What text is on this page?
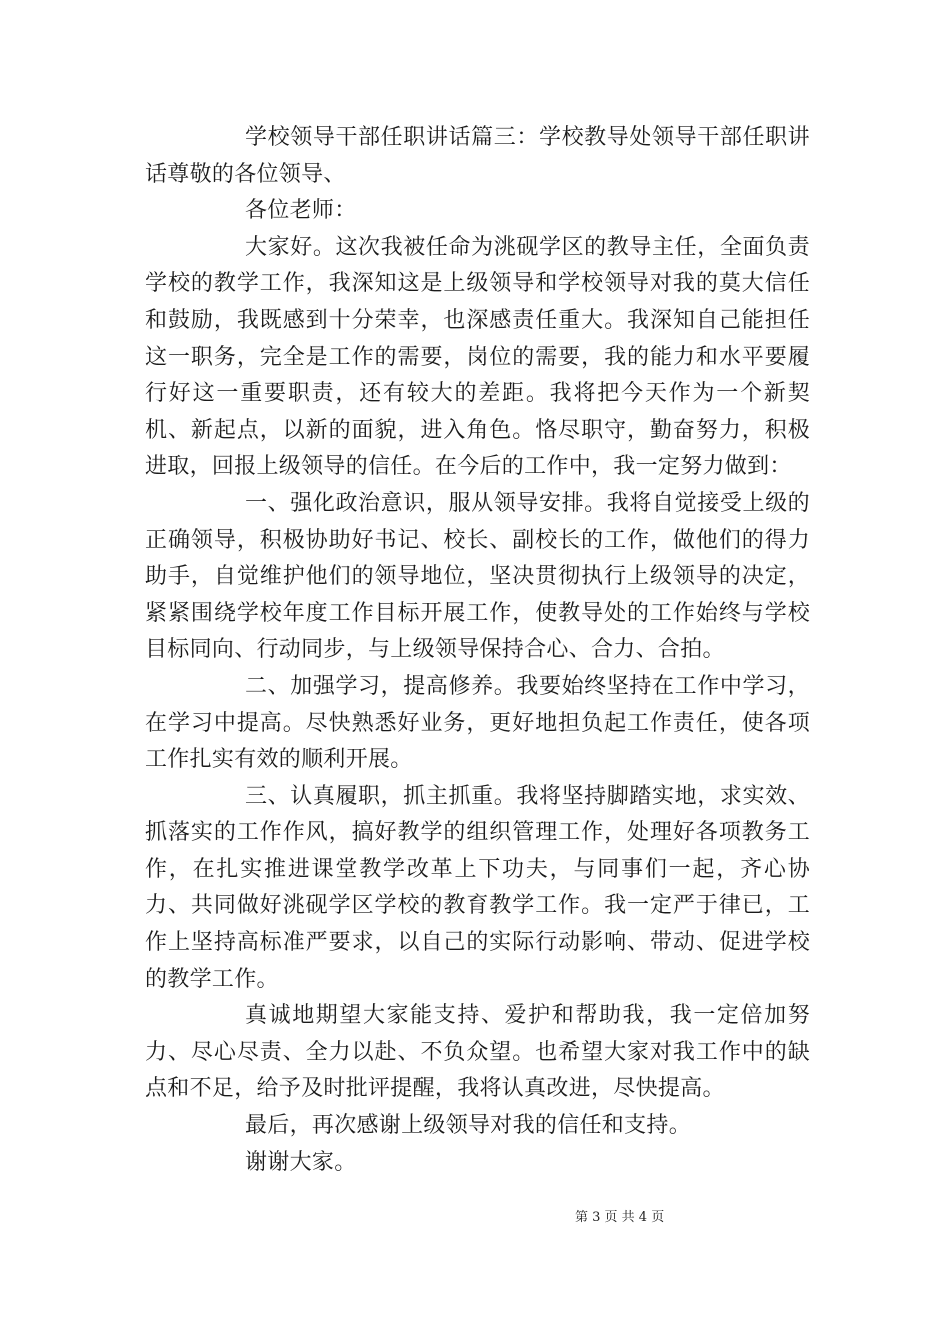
学校领导干部任职讲话篇三：学校教导处领导干部任职讲话尊敬的各位领导、

各位老师：

大家好。这次我被任命为洮砚学区的教导主任，全面负责学校的教学工作，我深知这是上级领导和学校领导对我的莫大信任和鼓励，我既感到十分荣幸，也深感责任重大。我深知自己能担任这一职务，完全是工作的需要，岗位的需要，我的能力和水平要履行好这一重要职责，还有较大的差距。我将把今天作为一个新契机、新起点，以新的面貌，进入角色。恪尽职守，勤奋努力，积极进取，回报上级领导的信任。在今后的工作中，我一定努力做到：

一、强化政治意识，服从领导安排。我将自觉接受上级的正确领导，积极协助好书记、校长、副校长的工作，做他们的得力助手，自觉维护他们的领导地位，坚决贯彻执行上级领导的决定，紧紧围绕学校年度工作目标开展工作，使教导处的工作始终与学校目标同向、行动同步，与上级领导保持合心、合力、合拍。

二、加强学习，提高修养。我要始终坚持在工作中学习，在学习中提高。尽快熟悉好业务，更好地担负起工作责任，使各项工作扎实有效的顺利开展。

三、认真履职，抓主抓重。我将坚持脚踏实地，求实效、抓落实的工作作风，搞好教学的组织管理工作，处理好各项教务工作，在扎实推进课堂教学改革上下功夫，与同事们一起，齐心协力、共同做好洮砚学区学校的教育教学工作。我一定严于律已，工作上坚持高标准严要求，以自己的实际行动影响、带动、促进学校的教学工作。

真诚地期望大家能支持、爱护和帮助我，我一定倍加努力、尽心尽责、全力以赴、不负众望。也希望大家对我工作中的缺点和不足，给予及时批评提醒，我将认真改进，尽快提高。

最后，再次感谢上级领导对我的信任和支持。

谢谢大家。

第 3 页 共 4 页
